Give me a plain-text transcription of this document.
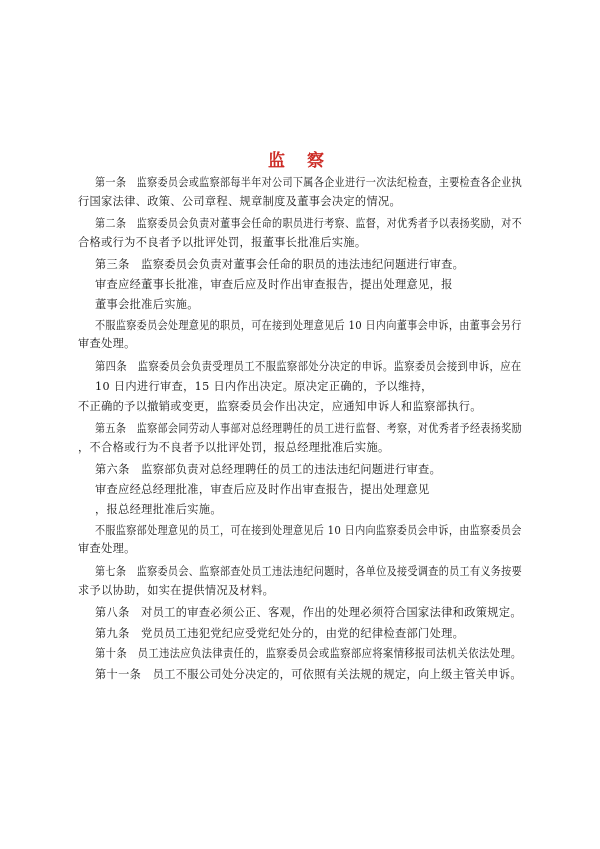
监 察
第一条　监察委员会或监察部每半年对公司下属各企业进行一次法纪检查，主要检查各企业执
行国家法律、政策、公司章程、规章制度及董事会决定的情况。
第二条　监察委员会负责对董事会任命的职员进行考察、监督，对优秀者予以表扬奖励，对不
合格或行为不良者予以批评处罚，报董事长批准后实施。
第三条　监察委员会负责对董事会任命的职员的违法违纪问题进行审查。
审查应经董事长批准，审查后应及时作出审查报告，提出处理意见，报
董事会批准后实施。
不服监察委员会处理意见的职员，可在接到处理意见后 10 日内向董事会申诉，由董事会另行
审查处理。
第四条　监察委员会负责受理员工不服监察部处分决定的申诉。监察委员会接到申诉，应在
10 日内进行审查，15 日内作出决定。原决定正确的，予以维持，
不正确的予以撤销或变更，监察委员会作出决定，应通知申诉人和监察部执行。
第五条　监察部会同劳动人事部对总经理聘任的员工进行监督、考察，对优秀者予经表扬奖励
，不合格或行为不良者予以批评处罚，报总经理批准后实施。
第六条　监察部负责对总经理聘任的员工的违法违纪问题进行审查。
审查应经总经理批准，审查后应及时作出审查报告，提出处理意见
，报总经理批准后实施。
不服监察部处理意见的员工，可在接到处理意见后 10 日内向监察委员会申诉，由监察委员会
审查处理。
第七条　监察委员会、监察部查处员工违法违纪问题时，各单位及接受调查的员工有义务按要
求予以协助，如实在提供情况及材料。
第八条　对员工的审查必须公正、客观，作出的处理必须符合国家法律和政策规定。
第九条　党员员工违犯党纪应受党纪处分的，由党的纪律检查部门处理。
第十条　员工违法应负法律责任的，监察委员会或监察部应将案情移报司法机关依法处理。
第十一条　员工不服公司处分决定的，可依照有关法规的规定，向上级主管关申诉。
